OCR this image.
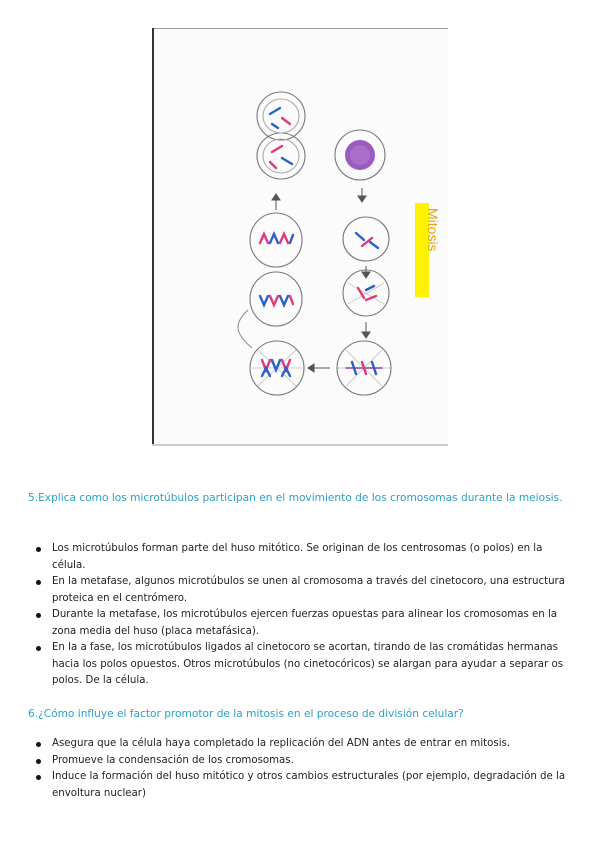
Mitosis
5.Explica como los microtúbulos participan en el movimiento de los cromosomas durante la meiosis.
Los microtúbulos forman parte del huso mitótico. Se originan de los centrosomas (o polos) en la célula.
En la metafase, algunos microtúbulos se unen al cromosoma a través del cinetocoro, una estructura proteica en el centrómero.
Durante la metafase, los microtúbulos ejercen fuerzas opuestas para alinear los cromosomas en la zona media del huso (placa metafásica).
En la a fase, los microtúbulos ligados al cinetocoro se acortan, tirando de las cromátidas hermanas hacia los polos opuestos. Otros microtúbulos (no cinetocóricos) se alargan para ayudar a separar os polos. De la célula.
6.¿Cómo influye el factor promotor de la mitosis en el proceso de división celular?
Asegura que la célula haya completado la replicación del ADN antes de entrar en mitosis.
Promueve la condensación de los cromosomas.
Induce la formación del huso mitótico y otros cambios estructurales (por ejemplo, degradación de la envoltura nuclear)
